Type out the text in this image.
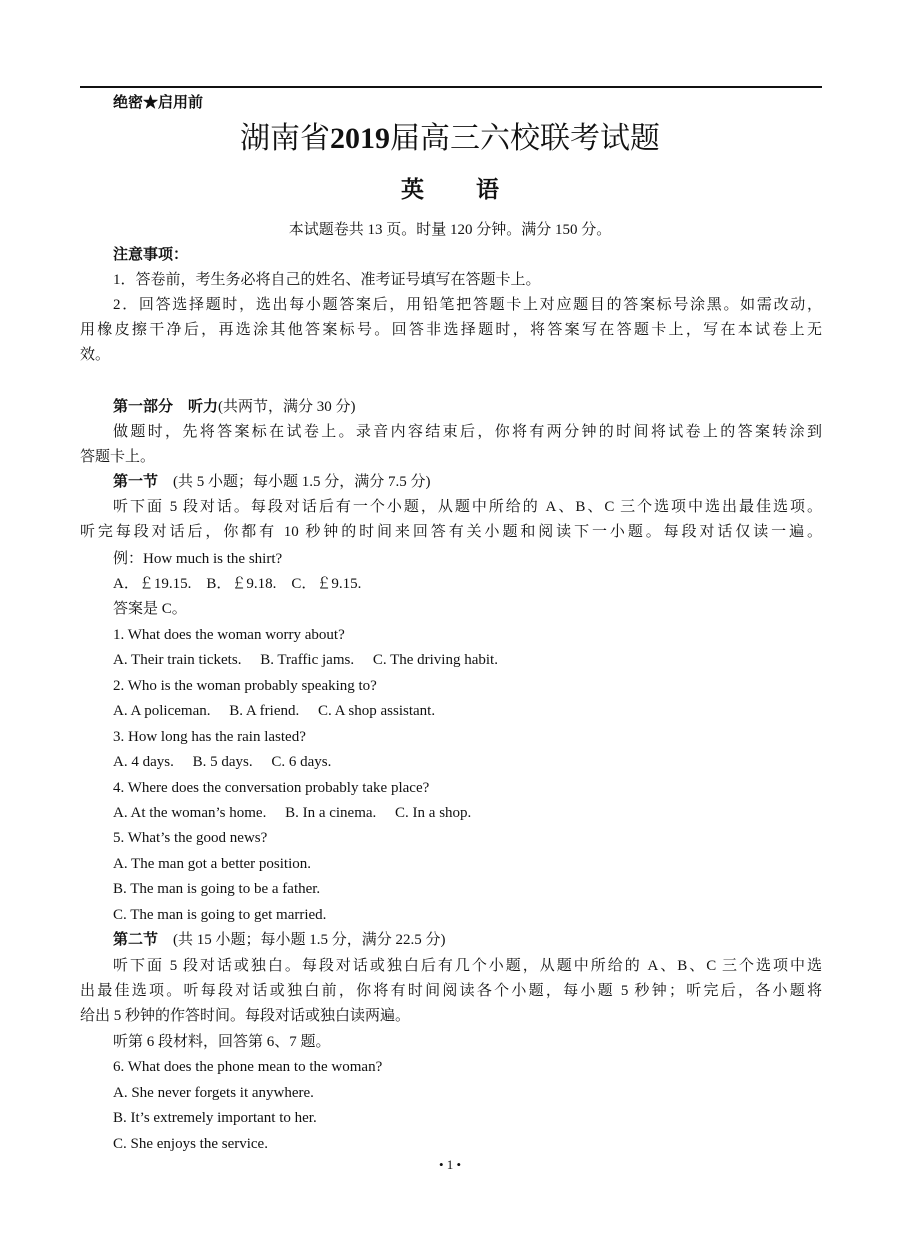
绝密★启用前
湖南省2019届高三六校联考试题
英 语
本试题卷共 13 页。时量 120 分钟。满分 150 分。
注意事项：
1．答卷前，考生务必将自己的姓名、准考证号填写在答题卡上。
2．回答选择题时，选出每小题答案后，用铅笔把答题卡上对应题目的答案标号涂黑。如需改动，
用橡皮擦干净后，再选涂其他答案标号。回答非选择题时，将答案写在答题卡上，写在本试卷上无
效。
第一部分　听力(共两节，满分 30 分)
做题时，先将答案标在试卷上。录音内容结束后，你将有两分钟的时间将试卷上的答案转涂到
答题卡上。
第一节　(共 5 小题；每小题 1.5 分，满分 7.5 分)
听下面 5 段对话。每段对话后有一个小题，从题中所给的 A、B、C 三个选项中选出最佳选项。
听完每段对话后，你都有 10 秒钟的时间来回答有关小题和阅读下一小题。每段对话仅读一遍。
例：How much is the shirt?
A．￡19.15.　B．￡9.18.　C．￡9.15.
答案是 C。
1. What does the woman worry about?
A. Their train tickets.　 B. Traffic jams.　 C. The driving habit.
2. Who is the woman probably speaking to?
A. A policeman.　 B. A friend.　 C. A shop assistant.
3. How long has the rain lasted?
A. 4 days.　 B. 5 days.　 C. 6 days.
4. Where does the conversation probably take place?
A. At the woman’s home.　 B. In a cinema.　 C. In a shop.
5. What’s the good news?
A. The man got a better position.
B. The man is going to be a father.
C. The man is going to get married.
第二节　(共 15 小题；每小题 1.5 分，满分 22.5 分)
听下面 5 段对话或独白。每段对话或独白后有几个小题，从题中所给的 A、B、C 三个选项中选
出最佳选项。听每段对话或独白前，你将有时间阅读各个小题，每小题 5 秒钟；听完后，各小题将
给出 5 秒钟的作答时间。每段对话或独白读两遍。
听第 6 段材料，回答第 6、7 题。
6. What does the phone mean to the woman?
A. She never forgets it anywhere.
B. It’s extremely important to her.
C. She enjoys the service.
• 1 •
